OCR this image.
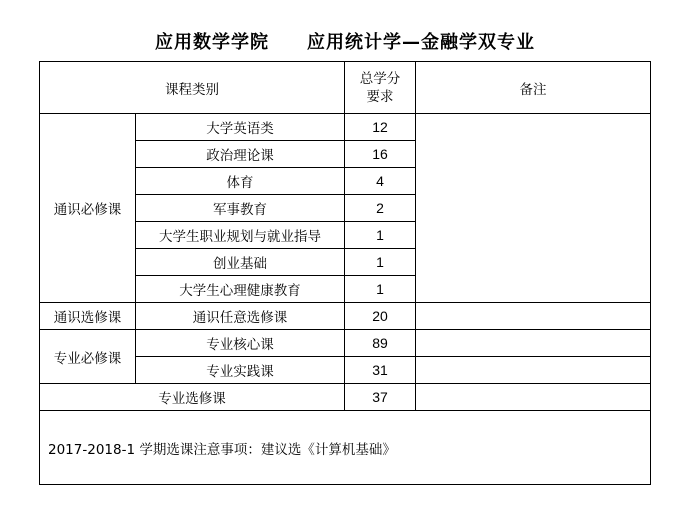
应用数学学院 应用统计学—金融学双专业
课程类别		总学分要求	备注
通识必修课	大学英语类	12	
	政治理论课	16	
	体育	4	
	军事教育	2	
	大学生职业规划与就业指导	1	
	创业基础	1	
	大学生心理健康教育	1	
通识选修课	通识任意选修课	20	
专业必修课	专业核心课	89	
	专业实践课	31	
专业选修课		37	
2017-2018-1 学期选课注意事项：建议选《计算机基础》			
